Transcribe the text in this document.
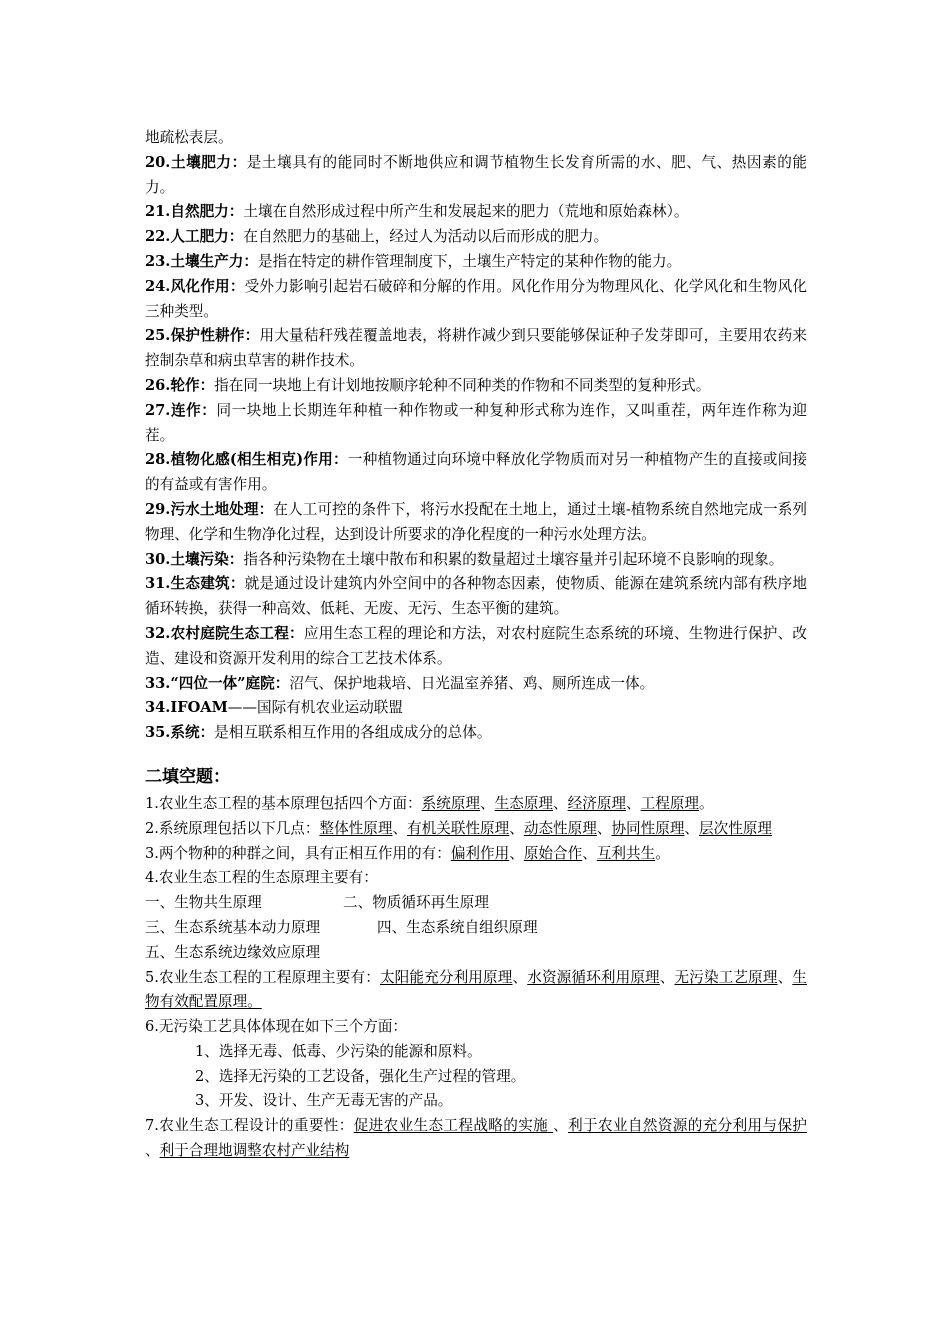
地疏松表层。

20.土壤肥力：是土壤具有的能同时不断地供应和调节植物生长发育所需的水、肥、气、热因素的能力。

21.自然肥力：土壤在自然形成过程中所产生和发展起来的肥力（荒地和原始森林）。

22.人工肥力：在自然肥力的基础上，经过人为活动以后而形成的肥力。

23.土壤生产力：是指在特定的耕作管理制度下，土壤生产特定的某种作物的能力。

24.风化作用：受外力影响引起岩石破碎和分解的作用。风化作用分为物理风化、化学风化和生物风化三种类型。

25.保护性耕作：用大量秸秆残茬覆盖地表，将耕作减少到只要能够保证种子发芽即可，主要用农药来控制杂草和病虫草害的耕作技术。

26.轮作：指在同一块地上有计划地按顺序轮种不同种类的作物和不同类型的复种形式。

27.连作：同一块地上长期连年种植一种作物或一种复种形式称为连作，又叫重茬，两年连作称为迎茬。

28.植物化感(相生相克)作用：一种植物通过向环境中释放化学物质而对另一种植物产生的直接或间接的有益或有害作用。

29.污水土地处理：在人工可控的条件下，将污水投配在土地上，通过土壤-植物系统自然地完成一系列物理、化学和生物净化过程，达到设计所要求的净化程度的一种污水处理方法。

30.土壤污染：指各种污染物在土壤中散布和积累的数量超过土壤容量并引起环境不良影响的现象。

31.生态建筑：就是通过设计建筑内外空间中的各种物态因素，使物质、能源在建筑系统内部有秩序地循环转换，获得一种高效、低耗、无废、无污、生态平衡的建筑。

32.农村庭院生态工程：应用生态工程的理论和方法，对农村庭院生态系统的环境、生物进行保护、改造、建设和资源开发利用的综合工艺技术体系。

33.“四位一体”庭院：沼气、保护地栽培、日光温室养猪、鸡、厕所连成一体。

34.IFOAM——国际有机农业运动联盟

35.系统：是相互联系相互作用的各组成成分的总体。

二填空题：

1.农业生态工程的基本原理包括四个方面：系统原理、生态原理、经济原理、工程原理。

2.系统原理包括以下几点：整体性原理、有机关联性原理、动态性原理、协同性原理、层次性原理

3.两个物种的种群之间，具有正相互作用的有：偏利作用、原始合作、互利共生。

4.农业生态工程的生态原理主要有：

一、生物共生原理	二、物质循环再生原理
三、生态系统基本动力原理	四、生态系统自组织原理

五、生态系统边缘效应原理

5.农业生态工程的工程原理主要有：太阳能充分利用原理、水资源循环利用原理、无污染工艺原理、生物有效配置原理。

6.无污染工艺具体体现在如下三个方面：

1、选择无毒、低毒、少污染的能源和原料。

2、选择无污染的工艺设备，强化生产过程的管理。

3、开发、设计、生产无毒无害的产品。

7.农业生态工程设计的重要性：促进农业生态工程战略的实施 、利于农业自然资源的充分利用与保护 、利于合理地调整农村产业结构
